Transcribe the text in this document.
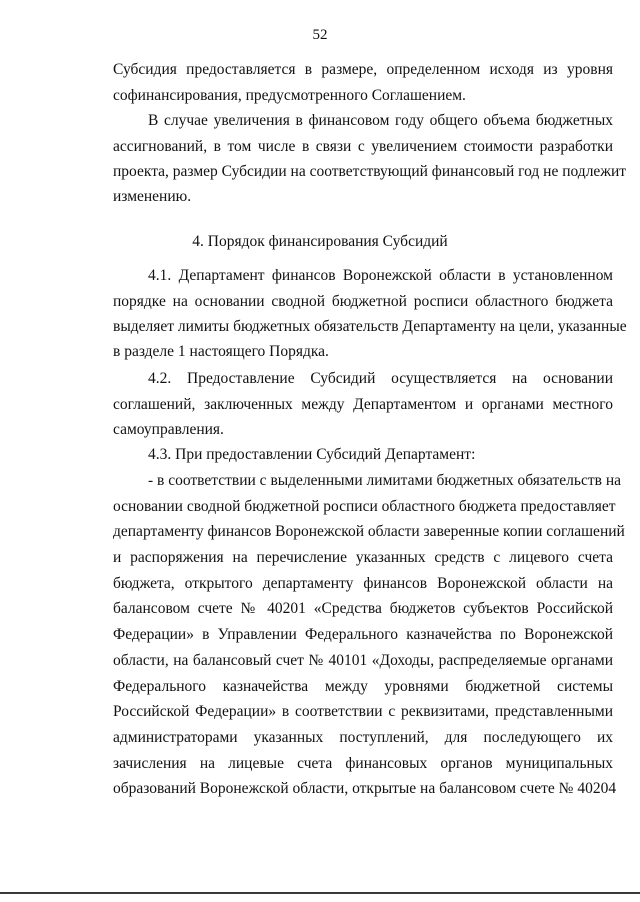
52
Субсидия предоставляется в размере, определенном исходя из уровня
софинансирования, предусмотренного Соглашением.
В случае увеличения в финансовом году общего объема бюджетных
ассигнований, в том числе в связи с увеличением стоимости разработки
проекта, размер Субсидии на соответствующий финансовый год не подлежит
изменению.
4. Порядок финансирования Субсидий
4.1. Департамент финансов Воронежской области в установленном
порядке на основании сводной бюджетной росписи областного бюджета
выделяет лимиты бюджетных обязательств Департаменту на цели, указанные
в разделе 1 настоящего Порядка.
4.2. Предоставление Субсидий осуществляется на основании
соглашений, заключенных между Департаментом и органами местного
самоуправления.
4.3. При предоставлении Субсидий Департамент:
- в соответствии с выделенными лимитами бюджетных обязательств на
основании сводной бюджетной росписи областного бюджета предоставляет
департаменту финансов Воронежской области заверенные копии соглашений
и распоряжения на перечисление указанных средств с лицевого счета
бюджета, открытого департаменту финансов Воронежской области на
балансовом счете № 40201 «Средства бюджетов субъектов Российской
Федерации» в Управлении Федерального казначейства по Воронежской
области, на балансовый счет № 40101 «Доходы, распределяемые органами
Федерального казначейства между уровнями бюджетной системы
Российской Федерации» в соответствии с реквизитами, представленными
администраторами указанных поступлений, для последующего их
зачисления на лицевые счета финансовых органов муниципальных
образований Воронежской области, открытые на балансовом счете № 40204
